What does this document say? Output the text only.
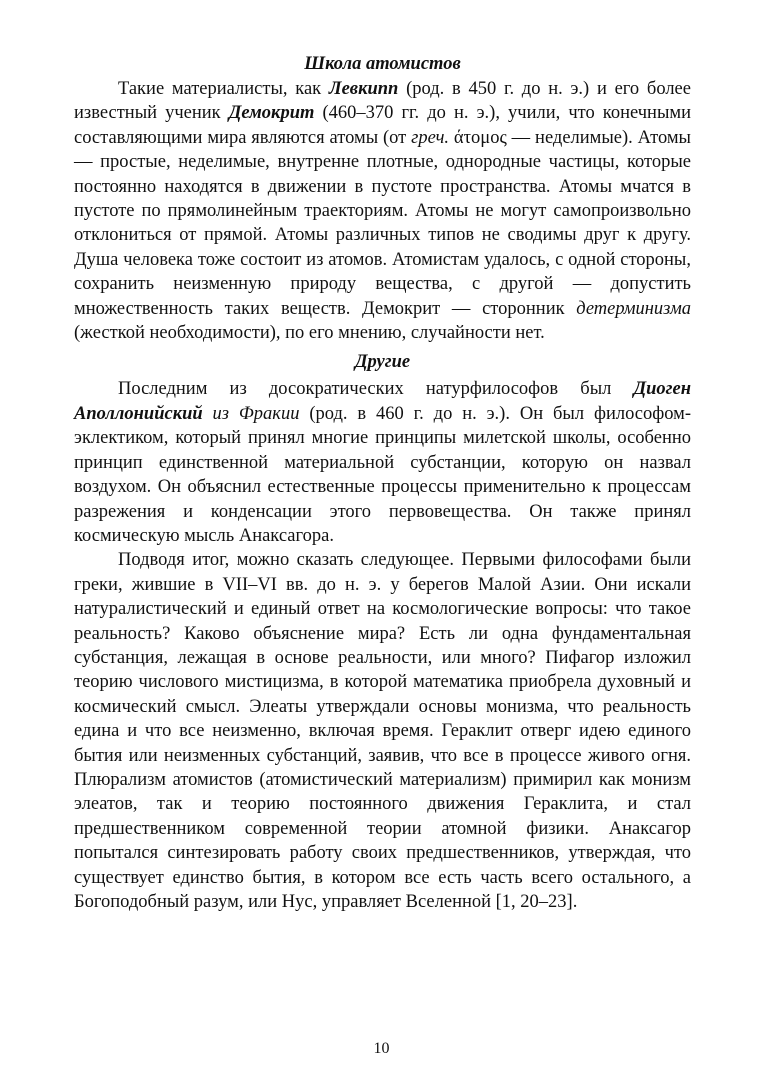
Школа атомистов

Такие материалисты, как Левкипп (род. в 450 г. до н. э.) и его более известный ученик Демокрит (460–370 гг. до н. э.), учили, что конечными составляющими мира являются атомы (от греч. άτομος — неделимые). Атомы — простые, неделимые, внутренне плотные, однородные частицы, которые постоянно находятся в движении в пустоте пространства. Атомы мчатся в пустоте по прямолинейным траекториям. Атомы не могут самопроизвольно отклониться от прямой. Атомы различных типов не сводимы друг к другу. Душа человека тоже состоит из атомов. Атомистам удалось, с одной стороны, сохранить неизменную природу вещества, с другой — допустить множественность таких веществ. Демокрит — сторонник детерминизма (жесткой необходимости), по его мнению, случайности нет.

Другие

Последним из досократических натурфилософов был Диоген Аполлонийский из Фракии (род. в 460 г. до н. э.). Он был философом-эклектиком, который принял многие принципы милетской школы, особенно принцип единственной материальной субстанции, которую он назвал воздухом. Он объяснил естественные процессы применительно к процессам разрежения и конденсации этого первовещества. Он также принял космическую мысль Анаксагора.

Подводя итог, можно сказать следующее. Первыми философами были греки, жившие в VII–VI вв. до н. э. у берегов Малой Азии. Они искали натуралистический и единый ответ на космологические вопросы: что такое реальность? Каково объяснение мира? Есть ли одна фундаментальная субстанция, лежащая в основе реальности, или много? Пифагор изложил теорию числового мистицизма, в которой математика приобрела духовный и космический смысл. Элеаты утверждали основы монизма, что реальность едина и что все неизменно, включая время. Гераклит отверг идею единого бытия или неизменных субстанций, заявив, что все в процессе живого огня. Плюрализм атомистов (атомистический материализм) примирил как монизм элеатов, так и теорию постоянного движения Гераклита, и стал предшественником современной теории атомной физики. Анаксагор попытался синтезировать работу своих предшественников, утверждая, что существует единство бытия, в котором все есть часть всего остального, а Богоподобный разум, или Нус, управляет Вселенной [1, 20–23].

10
